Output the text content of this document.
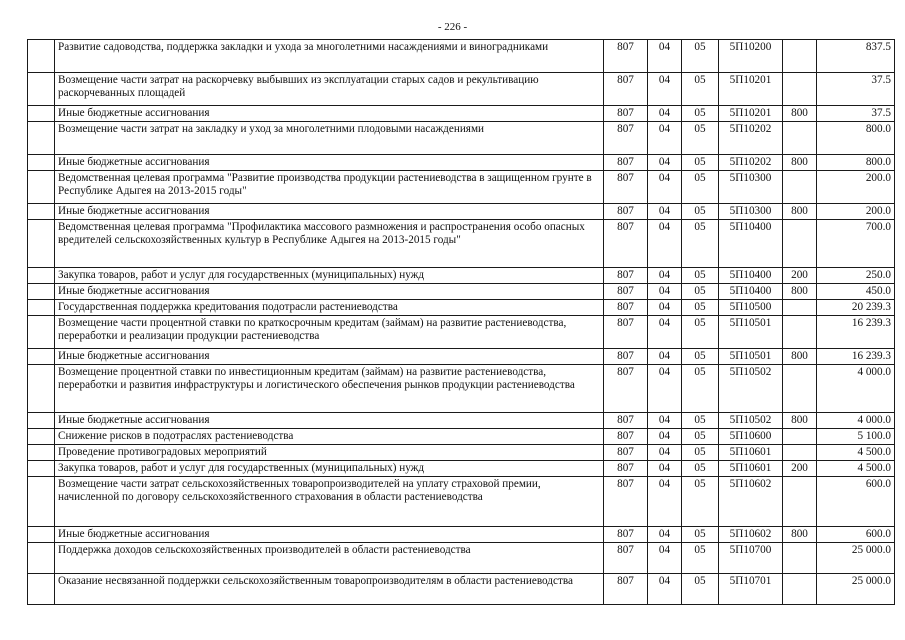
- 226 -
	Развитие садоводства, поддержка закладки и ухода за многолетними насаждениями и виноградниками	807	04	05	5П10200		837.5
	Возмещение части затрат на раскорчевку выбывших из эксплуатации старых садов и рекультивацию раскорчеванных площадей	807	04	05	5П10201		37.5
	Иные бюджетные ассигнования	807	04	05	5П10201	800	37.5
	Возмещение части затрат на закладку и уход за многолетними плодовыми насаждениями	807	04	05	5П10202		800.0
	Иные бюджетные ассигнования	807	04	05	5П10202	800	800.0
	Ведомственная целевая программа "Развитие производства продукции растениеводства в защищенном грунте в Республике Адыгея на 2013-2015 годы"	807	04	05	5П10300		200.0
	Иные бюджетные ассигнования	807	04	05	5П10300	800	200.0
	Ведомственная целевая программа "Профилактика массового размножения и распространения особо опасных вредителей сельскохозяйственных культур в Республике Адыгея на 2013-2015 годы"	807	04	05	5П10400		700.0
	Закупка товаров, работ и услуг для государственных (муниципальных) нужд	807	04	05	5П10400	200	250.0
	Иные бюджетные ассигнования	807	04	05	5П10400	800	450.0
	Государственная поддержка кредитования подотрасли растениеводства	807	04	05	5П10500		20 239.3
	Возмещение части процентной ставки по краткосрочным кредитам (займам) на развитие растениеводства, переработки и реализации продукции растениеводства	807	04	05	5П10501		16 239.3
	Иные бюджетные ассигнования	807	04	05	5П10501	800	16 239.3
	Возмещение процентной ставки по инвестиционным кредитам (займам) на развитие растениеводства, переработки и развития инфраструктуры и логистического обеспечения рынков продукции растениеводства	807	04	05	5П10502		4 000.0
	Иные бюджетные ассигнования	807	04	05	5П10502	800	4 000.0
	Снижение рисков в подотраслях растениеводства	807	04	05	5П10600		5 100.0
	Проведение противоградовых мероприятий	807	04	05	5П10601		4 500.0
	Закупка товаров, работ и услуг для государственных (муниципальных) нужд	807	04	05	5П10601	200	4 500.0
	Возмещение части затрат сельскохозяйственных товаропроизводителей на уплату страховой премии, начисленной по договору сельскохозяйственного страхования в области растениеводства	807	04	05	5П10602		600.0
	Иные бюджетные ассигнования	807	04	05	5П10602	800	600.0
	Поддержка доходов сельскохозяйственных производителей в области растениеводства	807	04	05	5П10700		25 000.0
	Оказание несвязанной поддержки сельскохозяйственным товаропроизводителям в области растениеводства	807	04	05	5П10701		25 000.0
